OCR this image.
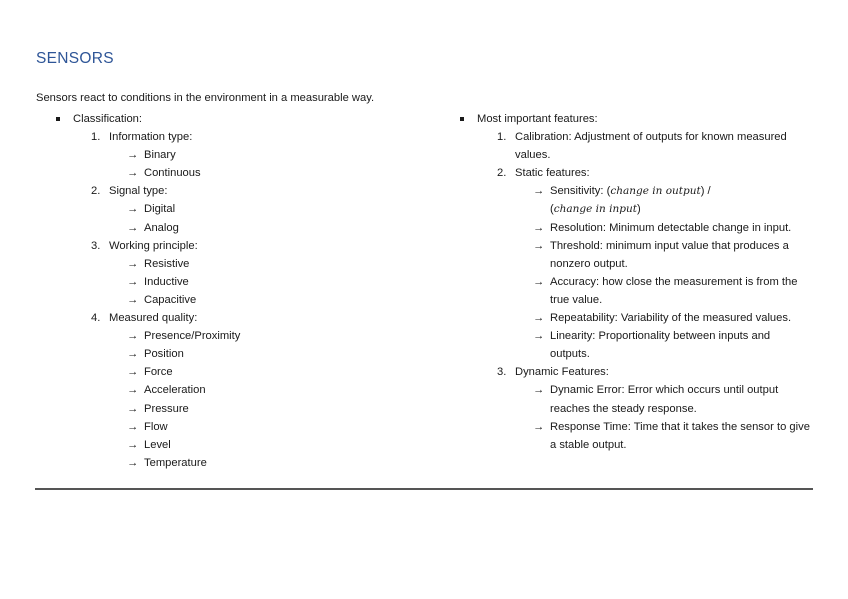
SENSORS
Sensors react to conditions in the environment in a measurable way.
Classification:
1. Information type:
→ Binary
→ Continuous
2. Signal type:
→ Digital
→ Analog
3. Working principle:
→ Resistive
→ Inductive
→ Capacitive
4. Measured quality:
→ Presence/Proximity
→ Position
→ Force
→ Acceleration
→ Pressure
→ Flow
→ Level
→ Temperature
Most important features:
1. Calibration: Adjustment of outputs for known measured
values.
2. Static features:
→ Sensitivity: (change in output) /
(change in input)
→ Resolution: Minimum detectable change in input.
→ Threshold: minimum input value that produces a
nonzero output.
→ Accuracy: how close the measurement is from the
true value.
→ Repeatability: Variability of the measured values.
→ Linearity: Proportionality between inputs and
outputs.
3. Dynamic Features:
→ Dynamic Error: Error which occurs until output
reaches the steady response.
→ Response Time: Time that it takes the sensor to give
a stable output.
